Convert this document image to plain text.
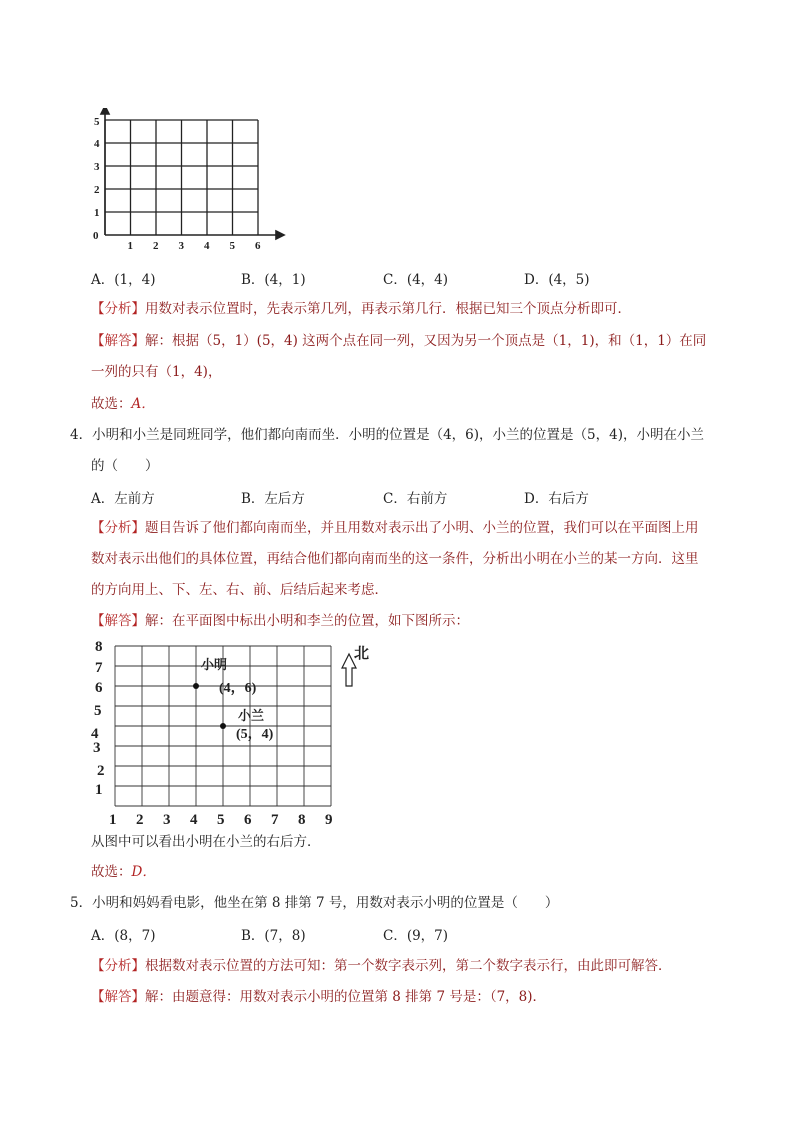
1 2 3 4 5 6
0
1
2
3
4
5
A．(1，4)	B．(4，1)	C．(4，4)	D．(4，5)
【分析】用数对表示位置时，先表示第几列，再表示第几行．根据已知三个顶点分析即可．
【解答】解：根据（5，1）(5，4) 这两个点在同一列，又因为另一个顶点是（1，1)，和（1，1）在同
一列的只有（1，4)，
故选：A．
4．小明和小兰是同班同学，他们都向南而坐．小明的位置是（4，6)，小兰的位置是（5，4)，小明在小兰
的（　　）
A．左前方	B．左后方	C．右前方	D．右后方
【分析】题目告诉了他们都向南而坐，并且用数对表示出了小明、小兰的位置，我们可以在平面图上用
数对表示出他们的具体位置，再结合他们都向南而坐的这一条件，分析出小明在小兰的某一方向．这里
的方向用上、下、左、右、前、后结后起来考虑．
【解答】解：在平面图中标出小明和李兰的位置，如下图所示：
1 2 3 4 5 6 7 8 9
1
2
3
4
5
6
7
8
小明
(4，6)
小兰
(5，4)
北
从图中可以看出小明在小兰的右后方．
故选：D．
5．小明和妈妈看电影，他坐在第 8 排第 7 号，用数对表示小明的位置是（　　）
A．(8，7)	B．(7，8)	C．(9，7)
【分析】根据数对表示位置的方法可知：第一个数字表示列，第二个数字表示行，由此即可解答．
【解答】解：由题意得：用数对表示小明的位置第 8 排第 7 号是：（7，8)．
